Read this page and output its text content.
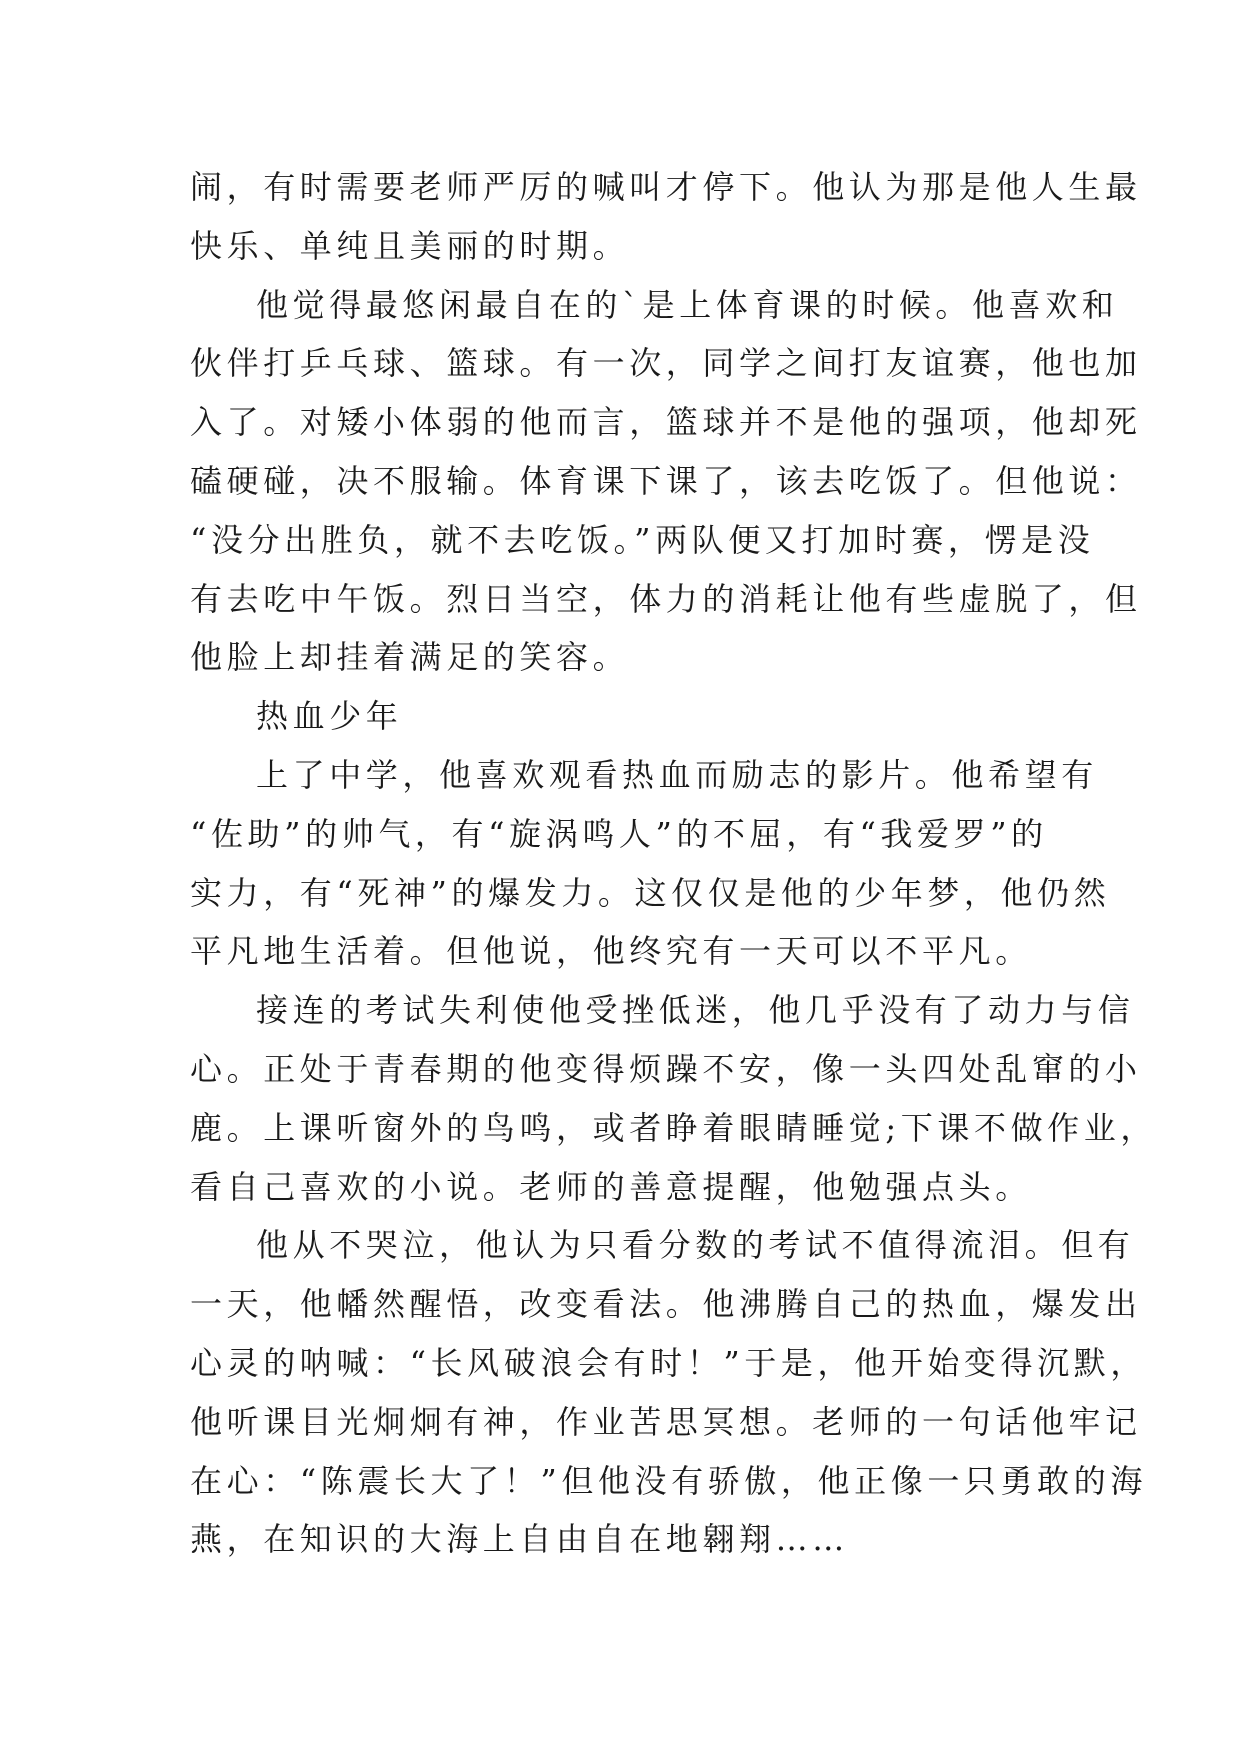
闹，有时需要老师严厉的喊叫才停下。他认为那是他人生最
快乐、单纯且美丽的时期。
他觉得最悠闲最自在的`是上体育课的时候。他喜欢和
伙伴打乒乓球、篮球。有一次，同学之间打友谊赛，他也加
入了。对矮小体弱的他而言，篮球并不是他的强项，他却死
磕硬碰，决不服输。体育课下课了，该去吃饭了。但他说：
“没分出胜负，就不去吃饭。”两队便又打加时赛，愣是没
有去吃中午饭。烈日当空，体力的消耗让他有些虚脱了，但
他脸上却挂着满足的笑容。
热血少年
上了中学，他喜欢观看热血而励志的影片。他希望有
“佐助”的帅气，有“旋涡鸣人”的不屈，有“我爱罗”的
实力，有“死神”的爆发力。这仅仅是他的少年梦，他仍然
平凡地生活着。但他说，他终究有一天可以不平凡。
接连的考试失利使他受挫低迷，他几乎没有了动力与信
心。正处于青春期的他变得烦躁不安，像一头四处乱窜的小
鹿。上课听窗外的鸟鸣，或者睁着眼睛睡觉;下课不做作业，
看自己喜欢的小说。老师的善意提醒，他勉强点头。
他从不哭泣，他认为只看分数的考试不值得流泪。但有
一天，他幡然醒悟，改变看法。他沸腾自己的热血，爆发出
心灵的呐喊：“长风破浪会有时！”于是，他开始变得沉默，
他听课目光炯炯有神，作业苦思冥想。老师的一句话他牢记
在心：“陈震长大了！”但他没有骄傲，他正像一只勇敢的海
燕，在知识的大海上自由自在地翱翔……
